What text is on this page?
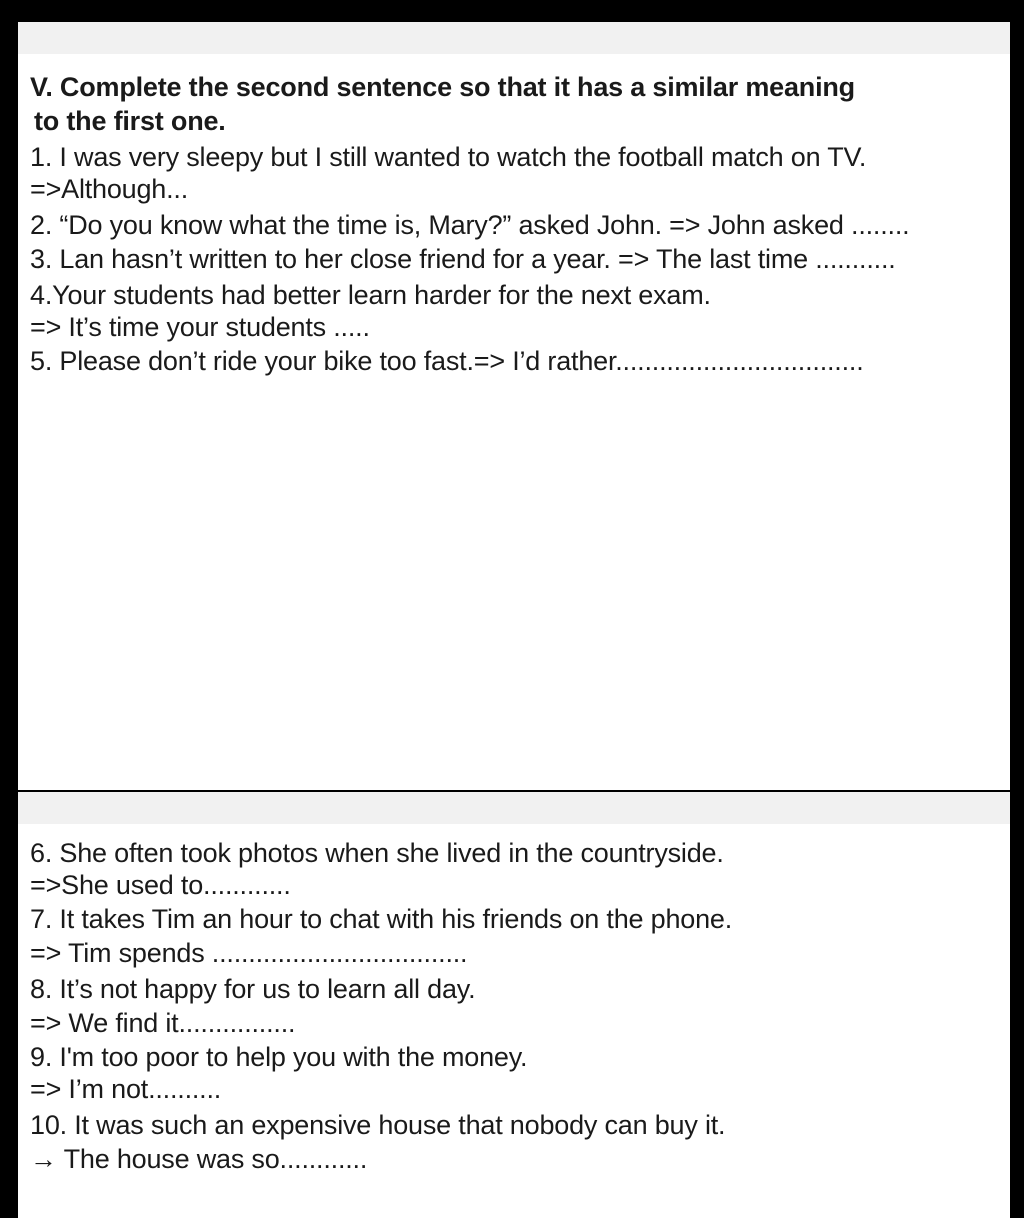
V. Complete the second sentence so that it has a similar meaning
to the first one.
1. I was very sleepy but I still wanted to watch the football match on TV.
=>Although...
2. “Do you know what the time is, Mary?” asked John. => John asked ........
3. Lan hasn’t written to her close friend for a year. => The last time ...........
4.Your students had better learn harder for the next exam.
=> It’s time your students .....
5. Please don’t ride your bike too fast.=> I’d rather..................................
6. She often took photos when she lived in the countryside.
=>She used to............
7. It takes Tim an hour to chat with his friends on the phone.
=> Tim spends ...................................
8. It’s not happy for us to learn all day.
=> We find it................
9. I'm too poor to help you with the money.
=> I’m not..........
10. It was such an expensive house that nobody can buy it.
→ The house was so............
